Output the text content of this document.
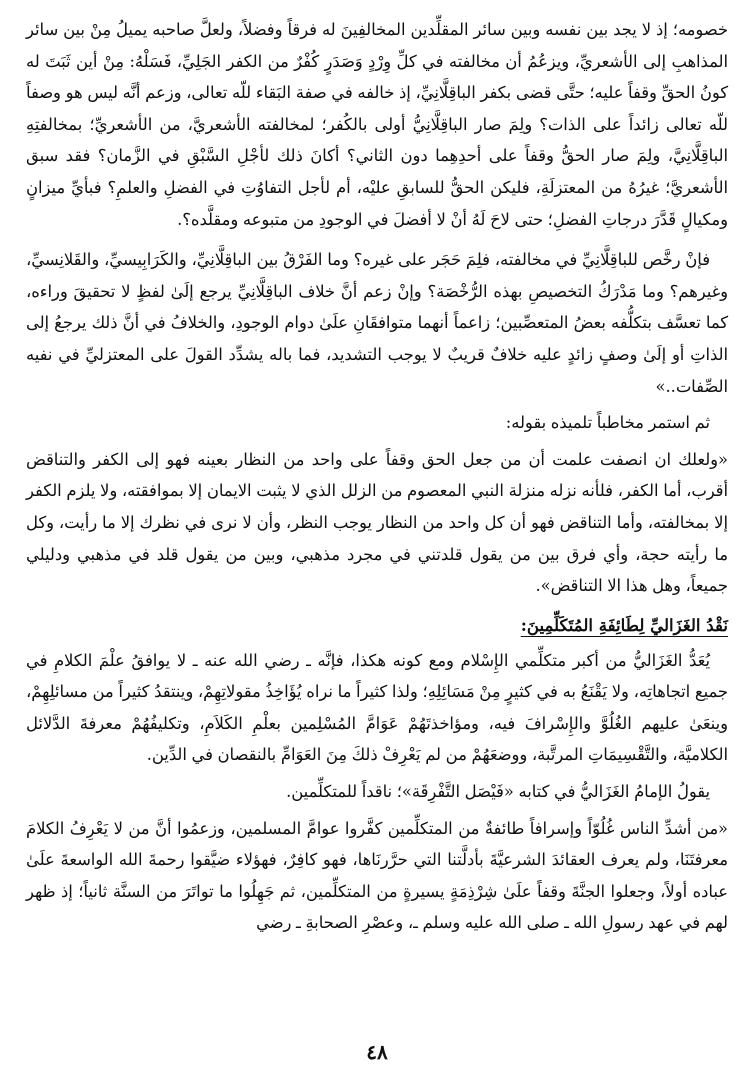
خصومه؛ إذ لا يجد بين نفسه وبين سائر المقلِّدين المخالفِينَ له فرقاً وفضلاً، ولعلَّ صاحبه يميلُ مِنْ بين سائر المذاهبِ إلى الأشعريِّ، ويزعُمُ أن مخالفته في كلِّ وِرْدٍ وَصَدَرٍ كُفْرٌ من الكفر الجَلِيِّ، فَسَلْهُ: مِنْ أين ثَبَتَ له كونُ الحقِّ وقفاً عليه؛ حتَّى قضى بكفر الباقِلَّانِيِّ، إذ خالفه في صفة البَقاء للّه تعالى، وزعم أنَّه ليس هو وصفاً للّه تعالى زائداً على الذات؟ ولِمَ صار الباقِلَّانِيُّ أولى بالكُفر؛ لمخالفته الأشعريَّ، من الأشعريِّ؛ بمخالفتِهِ الباقِلَّانِيَّ، ولِمَ صار الحقُّ وقفاً على أحدِهِما دون الثاني؟ أكانَ ذلك لأجْلِ السَّبْقِ في الزَّمان؟ فقد سبق الأشعريَّ؛ غيرُهُ من المعتزلَةِ، فليكن الحقُّ للسابقِ عليْه، أم لأجل التفاوُتِ في الفضلِ والعلمِ؟ فبأيِّ ميزانٍ ومكيالٍ قَدَّرَ درجاتِ الفضلِ؛ حتى لاحَ لَهُ أنْ لا أفضلَ في الوجودِ من متبوعه ومقلَّده؟.

فإنْ رخَّص للباقِلَّانِيِّ في مخالفته، فلِمَ حَجَر على غيره؟ وما الفَرْقُ بين الباقِلَّانِيِّ، والكَرَابِيسيِّ، والقَلانِسيِّ، وغيرهم؟ وما مَدْرَكُ التخصيصِ بهذه الرُّخْصَة؟ وإنْ زعم أنَّ خلاف الباقِلَّانِيِّ يرجع إلَىٰ لفظٍ لا تحقيقَ وراءه، كما تعسَّف بتكلُّفه بعضُ المتعصِّبين؛ زاعماً أنهما متوافقَانِ علَىٰ دوام الوجودِ، والخلافُ في أنَّ ذلك يرجعُ إلى الذاتِ أو إلَىٰ وصفٍ زائدٍ عليه خلافٌ قريبٌ لا يوجب التشديد، فما باله يشدِّد القولَ على المعتزليِّ في نفيه الصِّفات..»

ثم استمر مخاطباً تلميذه بقوله:

«ولعلك ان انصفت علمت أن من جعل الحق وقفاً على واحد من النظار بعينه فهو إلى الكفر والتناقض أقرب، أما الكفر، فلأنه نزله منزلة النبي المعصوم من الزلل الذي لا يثبت الايمان إلا بموافقته، ولا يلزم الكفر إلا بمخالفته، وأما التناقض فهو أن كل واحد من النظار يوجب النظر، وأن لا نرى في نظرك إلا ما رأيت، وكل ما رأيته حجة، وأي فرق بين من يقول قلدتني في مجرد مذهبي، وبين من يقول قلد في مذهبي ودليلي جميعاً، وهل هذا الا التناقض».

نَقْدُ الغَزَاليِّ لِطَائِفَةِ المُتَكَلِّمِينَ:

يُعَدُّ الغَزَاليُّ من أكبر متكلِّمي الإِسْلام ومع كونه هكذا، فإنَّه ـ رضي الله عنه ـ لا يوافقُ علْمَ الكلامِ في جميع اتجاهاتِه، ولا يَقْنَعُ به في كثيرٍ مِنْ مَسَائِلِهِ؛ ولذا كثيراً ما نراه يُؤَاخِذُ مقولاتِهِمْ، وينتقدُ كثيراً من مسائلِهِمْ، وينعَىٰ عليهم الغُلُوَّ والإِسْرافَ فيه، ومؤاخذتَهُمْ عَوَامَّ المُسْلِمين بعلْمِ الكَلاَمِ، وتكليفُهُمْ معرفةَ الدَّلائل الكلاميَّة، والتَّقْسِيمَاتِ المرتَّبة، ووضعَهُمْ من لم يَعْرِفْ ذلكَ مِنَ العَوَامِّ بالنقصان في الدِّين.

يقولُ الإمامُ الغَزَاليُّ في كتابه «فَيْصَل التَّفْرِقَة»؛ ناقداً للمتكلِّمين.

«من أشدِّ الناس غُلُوّاً وإسرافاً طائفةٌ من المتكلِّمين كفَّروا عوامَّ المسلمين، وزعمُوا أنَّ من لا يَعْرِفُ الكلامَ معرفتَنَا، ولم يعرف العقائدَ الشرعيَّةَ بأدلَّتنا التي حرَّرنَاها، فهو كافِرٌ، فهؤلاء ضيَّقوا رحمةَ الله الواسعةَ علَىٰ عباده أولاً، وجعلوا الجنَّةَ وقفاً علَىٰ شِرْذِمَةٍ يسيرةٍ من المتكلِّمين، ثم جَهِلُوا ما تواتَرَ من السنَّة ثانياً؛ إذ ظهر لهم في عهد رسولِ الله ـ صلى الله عليه وسلم ـ، وعصْرِ الصحابةِ ـ رضي

٤٨
